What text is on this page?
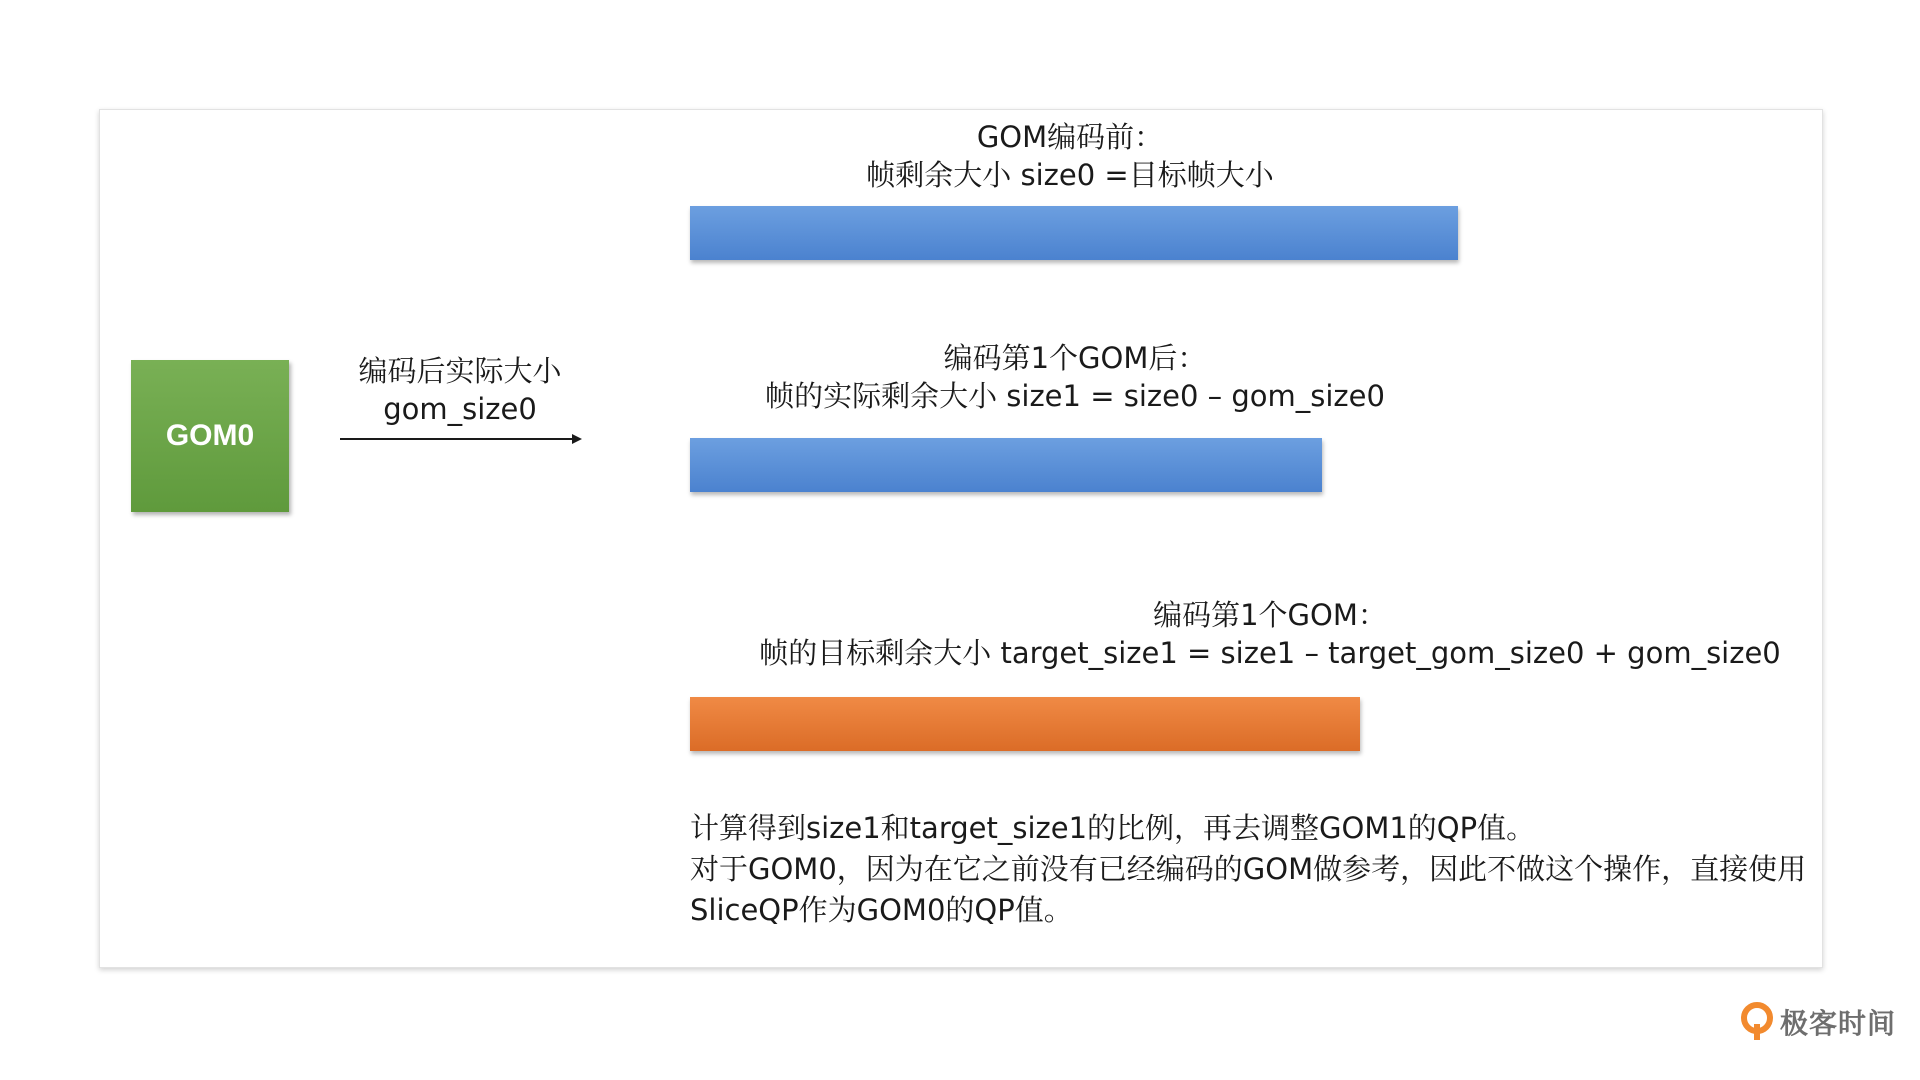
GOM0
编码后实际大小
gom_size0
GOM编码前：
帧剩余大小 size0 =目标帧大小
编码第1个GOM后：
帧的实际剩余大小 size1 = size0 – gom_size0
编码第1个GOM：
帧的目标剩余大小 target_size1 = size1 – target_gom_size0 + gom_size0
计算得到size1和target_size1的比例，再去调整GOM1的QP值。
对于GOM0，因为在它之前没有已经编码的GOM做参考，因此不做这个操作，直接使用SliceQP作为GOM0的QP值。
极客时间
